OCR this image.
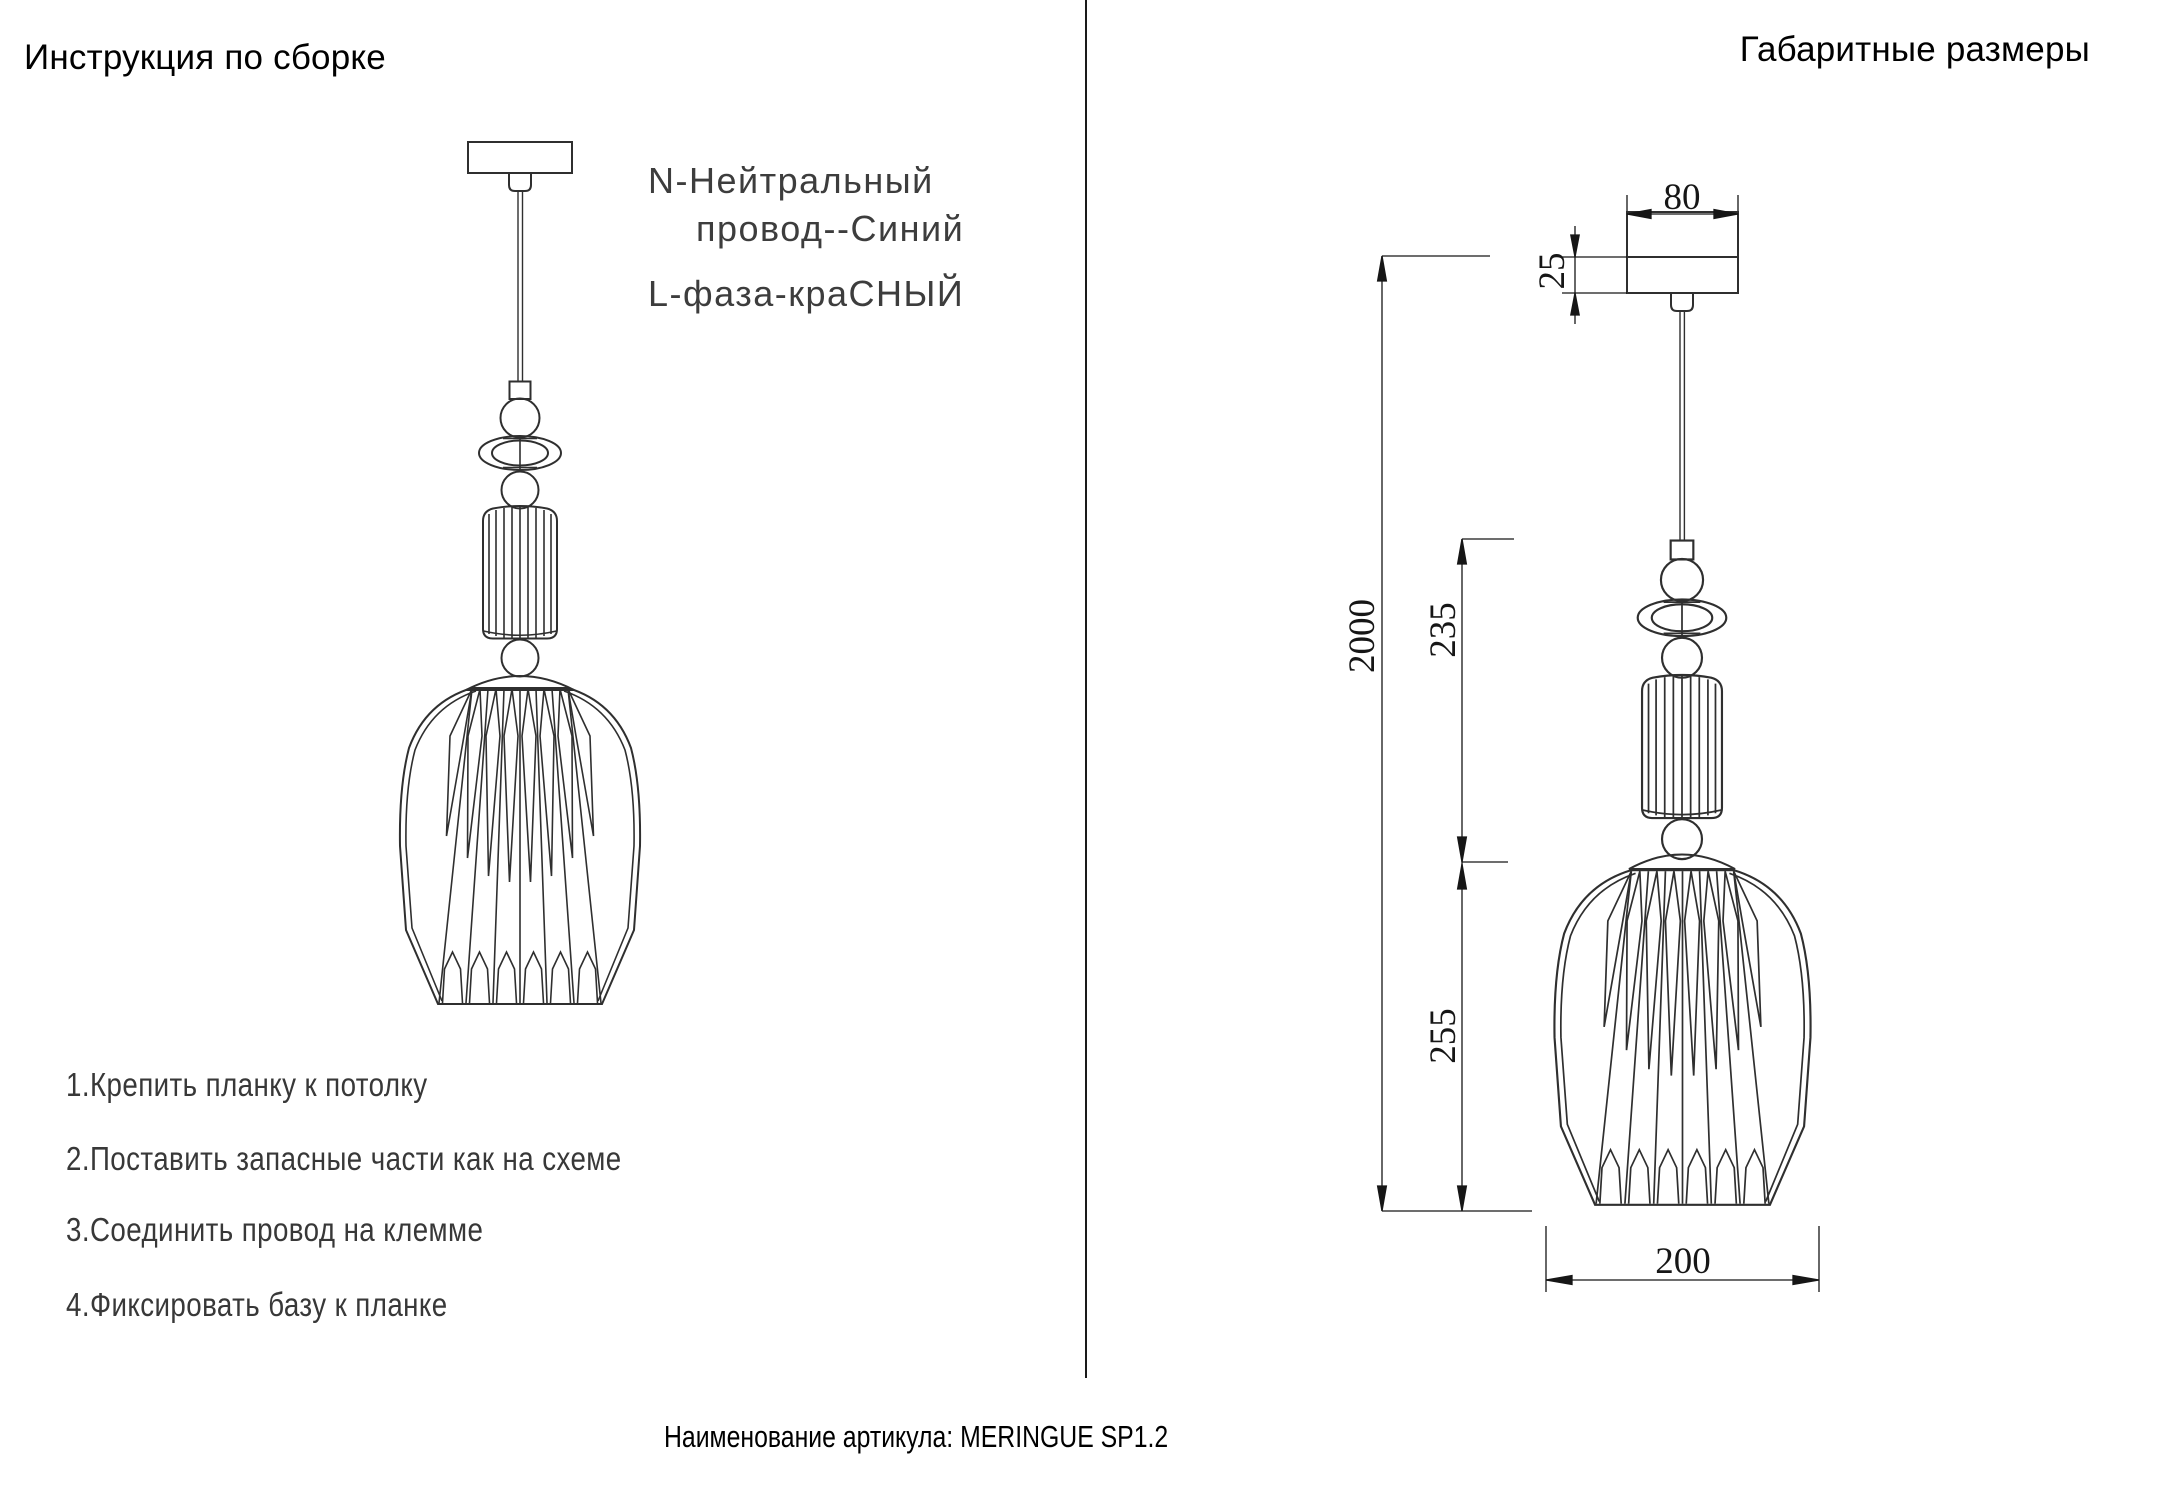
Инструкция по сборке	Габаритные размеры
N-Нейтральный
провод--Синий
L-фаза-краСНЫЙ
1.Крепить планку к потолку
2.Поставить запасные части как на схеме
3.Соединить провод на клемме
4.Фиксировать базу к планке
80
25
2000 235
255
200
Наименование артикула: MERINGUE SP1.2
